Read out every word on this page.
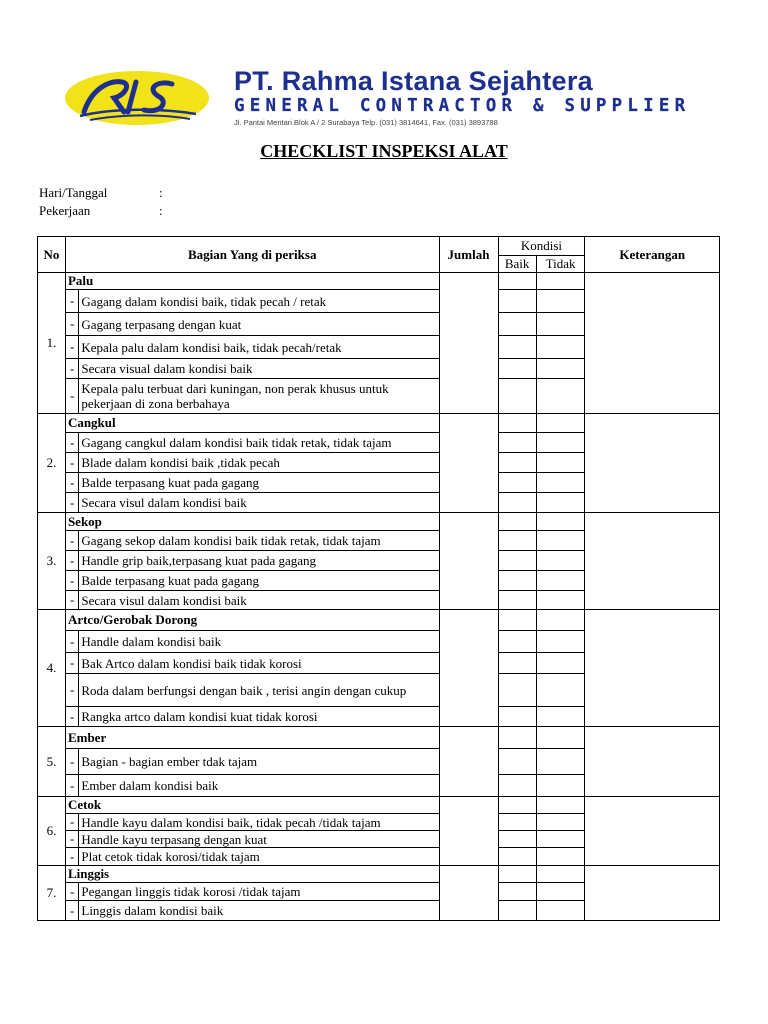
PT. Rahma Istana Sejahtera
GENERAL CONTRACTOR & SUPPLIER
Jl. Pantai Mentari Blok A / 2 Surabaya Telp. (031) 3814641, Fax. (031) 3893788
CHECKLIST INSPEKSI ALAT
Hari/Tanggal	:
Pekerjaan	:
No	Bagian Yang di periksa		Jumlah	Kondisi		Keterangan
				Baik	Tidak	
1.	Palu					
	-	Gagang dalam kondisi baik, tidak pecah / retak				
	-	Gagang terpasang dengan kuat				
	-	Kepala palu dalam kondisi baik, tidak pecah/retak				
	-	Secara visual dalam kondisi baik				
	-	Kepala palu terbuat dari kuningan, non perak khusus untuk pekerjaan di zona berbahaya				
2.	Cangkul					
	-	Gagang cangkul dalam kondisi baik tidak retak, tidak tajam				
	-	Blade dalam kondisi baik ,tidak pecah				
	-	Balde terpasang kuat pada gagang				
	-	Secara visul dalam kondisi baik				
3.	Sekop					
	-	Gagang sekop dalam kondisi baik tidak retak, tidak tajam				
	-	Handle grip baik,terpasang kuat pada gagang				
	-	Balde terpasang kuat pada gagang				
	-	Secara visul dalam kondisi baik				
4.	Artco/Gerobak Dorong					
	-	Handle dalam kondisi baik				
	-	Bak Artco dalam kondisi baik tidak korosi				
	-	Roda dalam berfungsi dengan baik , terisi angin dengan cukup				
	-	Rangka artco dalam kondisi kuat tidak korosi				
5.	Ember					
	-	Bagian - bagian ember tdak tajam				
	-	Ember dalam kondisi baik				
6.	Cetok					
	-	Handle kayu dalam kondisi baik, tidak pecah /tidak tajam				
	-	Handle kayu terpasang dengan kuat				
	-	Plat cetok tidak korosi/tidak tajam				
7.	Linggis					
	-	Pegangan linggis tidak korosi /tidak tajam				
	-	Linggis dalam kondisi baik				
